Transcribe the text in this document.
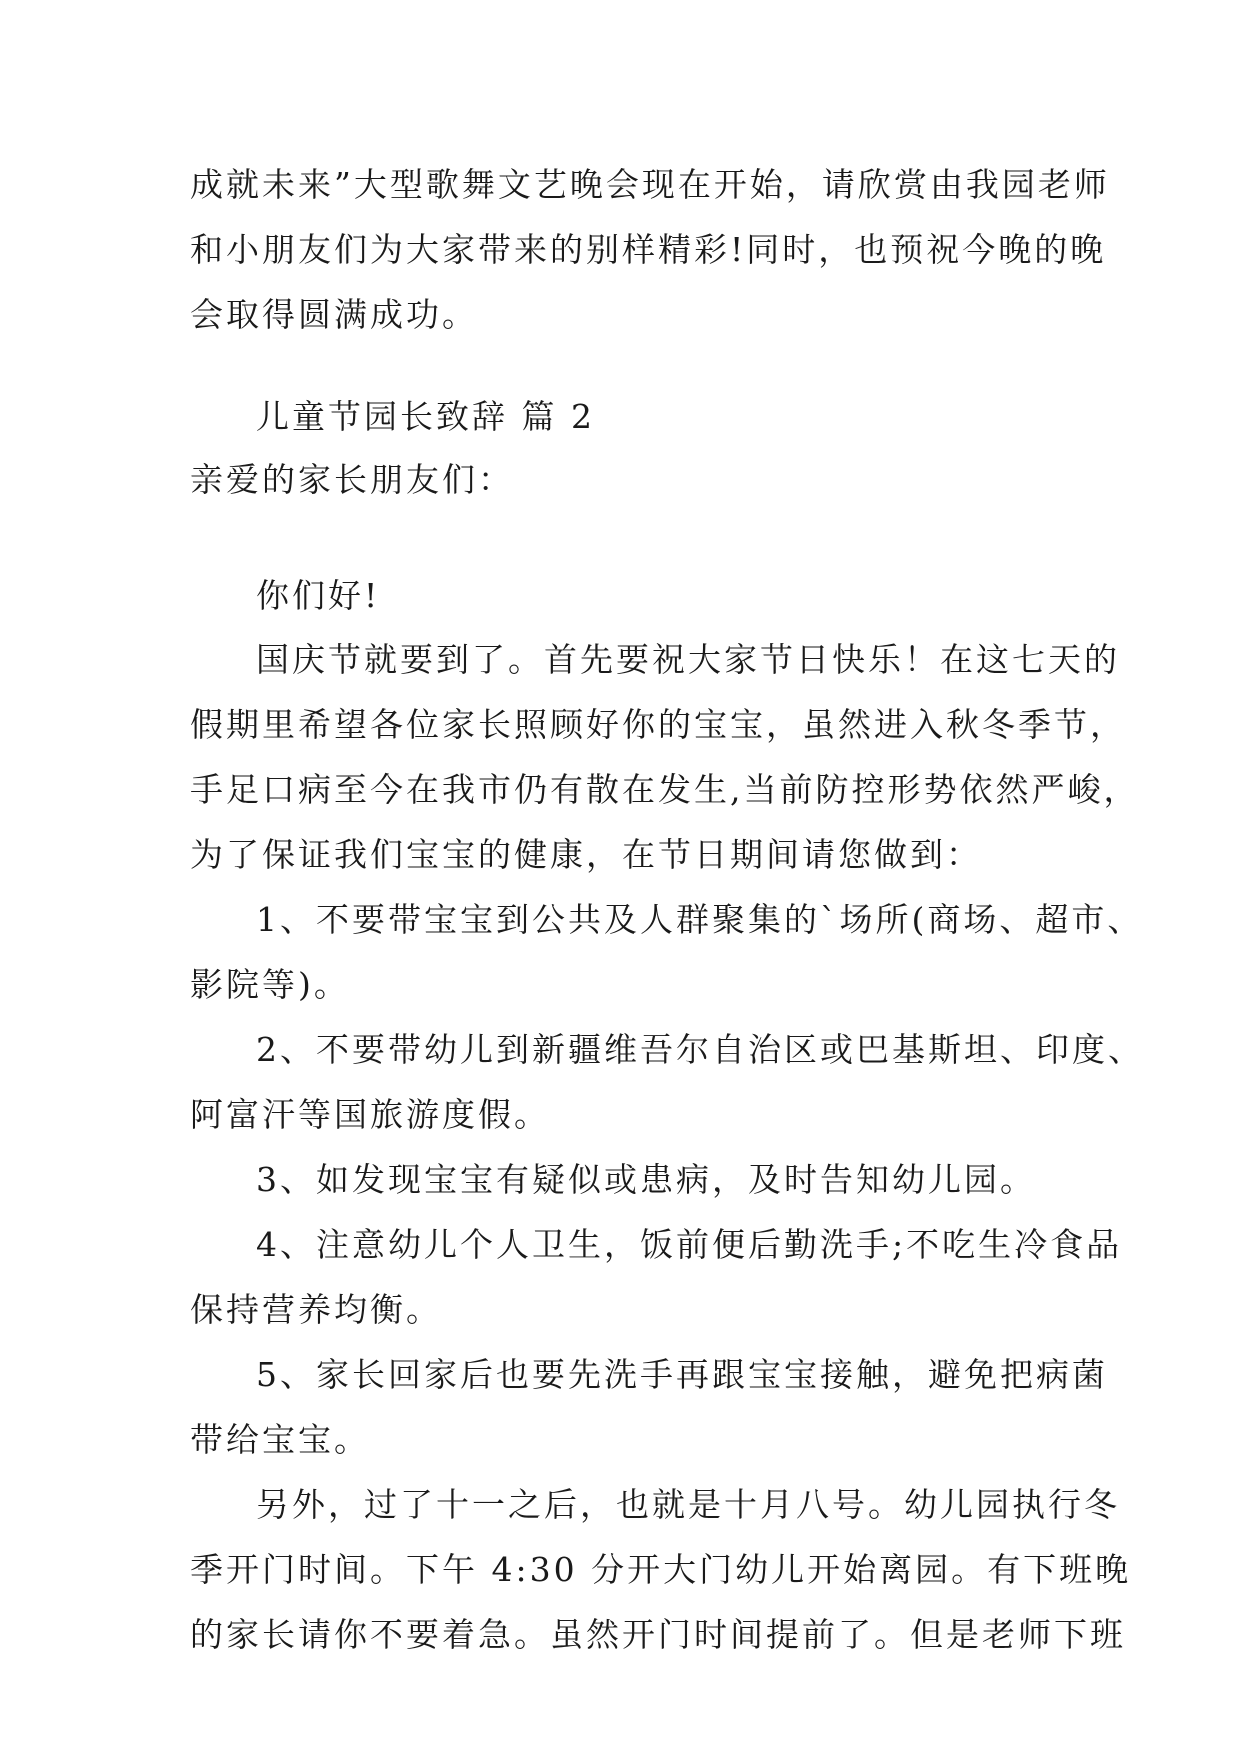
成就未来”大型歌舞文艺晚会现在开始，请欣赏由我园老师
和小朋友们为大家带来的别样精彩!同时，也预祝今晚的晚
会取得圆满成功。
儿童节园长致辞 篇 2
亲爱的家长朋友们：
你们好!
国庆节就要到了。首先要祝大家节日快乐！在这七天的
假期里希望各位家长照顾好你的宝宝，虽然进入秋冬季节，
手足口病至今在我市仍有散在发生,当前防控形势依然严峻，
为了保证我们宝宝的健康，在节日期间请您做到：
1、不要带宝宝到公共及人群聚集的`场所(商场、超市、
影院等)。
2、不要带幼儿到新疆维吾尔自治区或巴基斯坦、印度、
阿富汗等国旅游度假。
3、如发现宝宝有疑似或患病，及时告知幼儿园。
4、注意幼儿个人卫生，饭前便后勤洗手;不吃生冷食品
保持营养均衡。
5、家长回家后也要先洗手再跟宝宝接触，避免把病菌
带给宝宝。
另外，过了十一之后，也就是十月八号。幼儿园执行冬
季开门时间。下午 4:30 分开大门幼儿开始离园。有下班晚
的家长请你不要着急。虽然开门时间提前了。但是老师下班
